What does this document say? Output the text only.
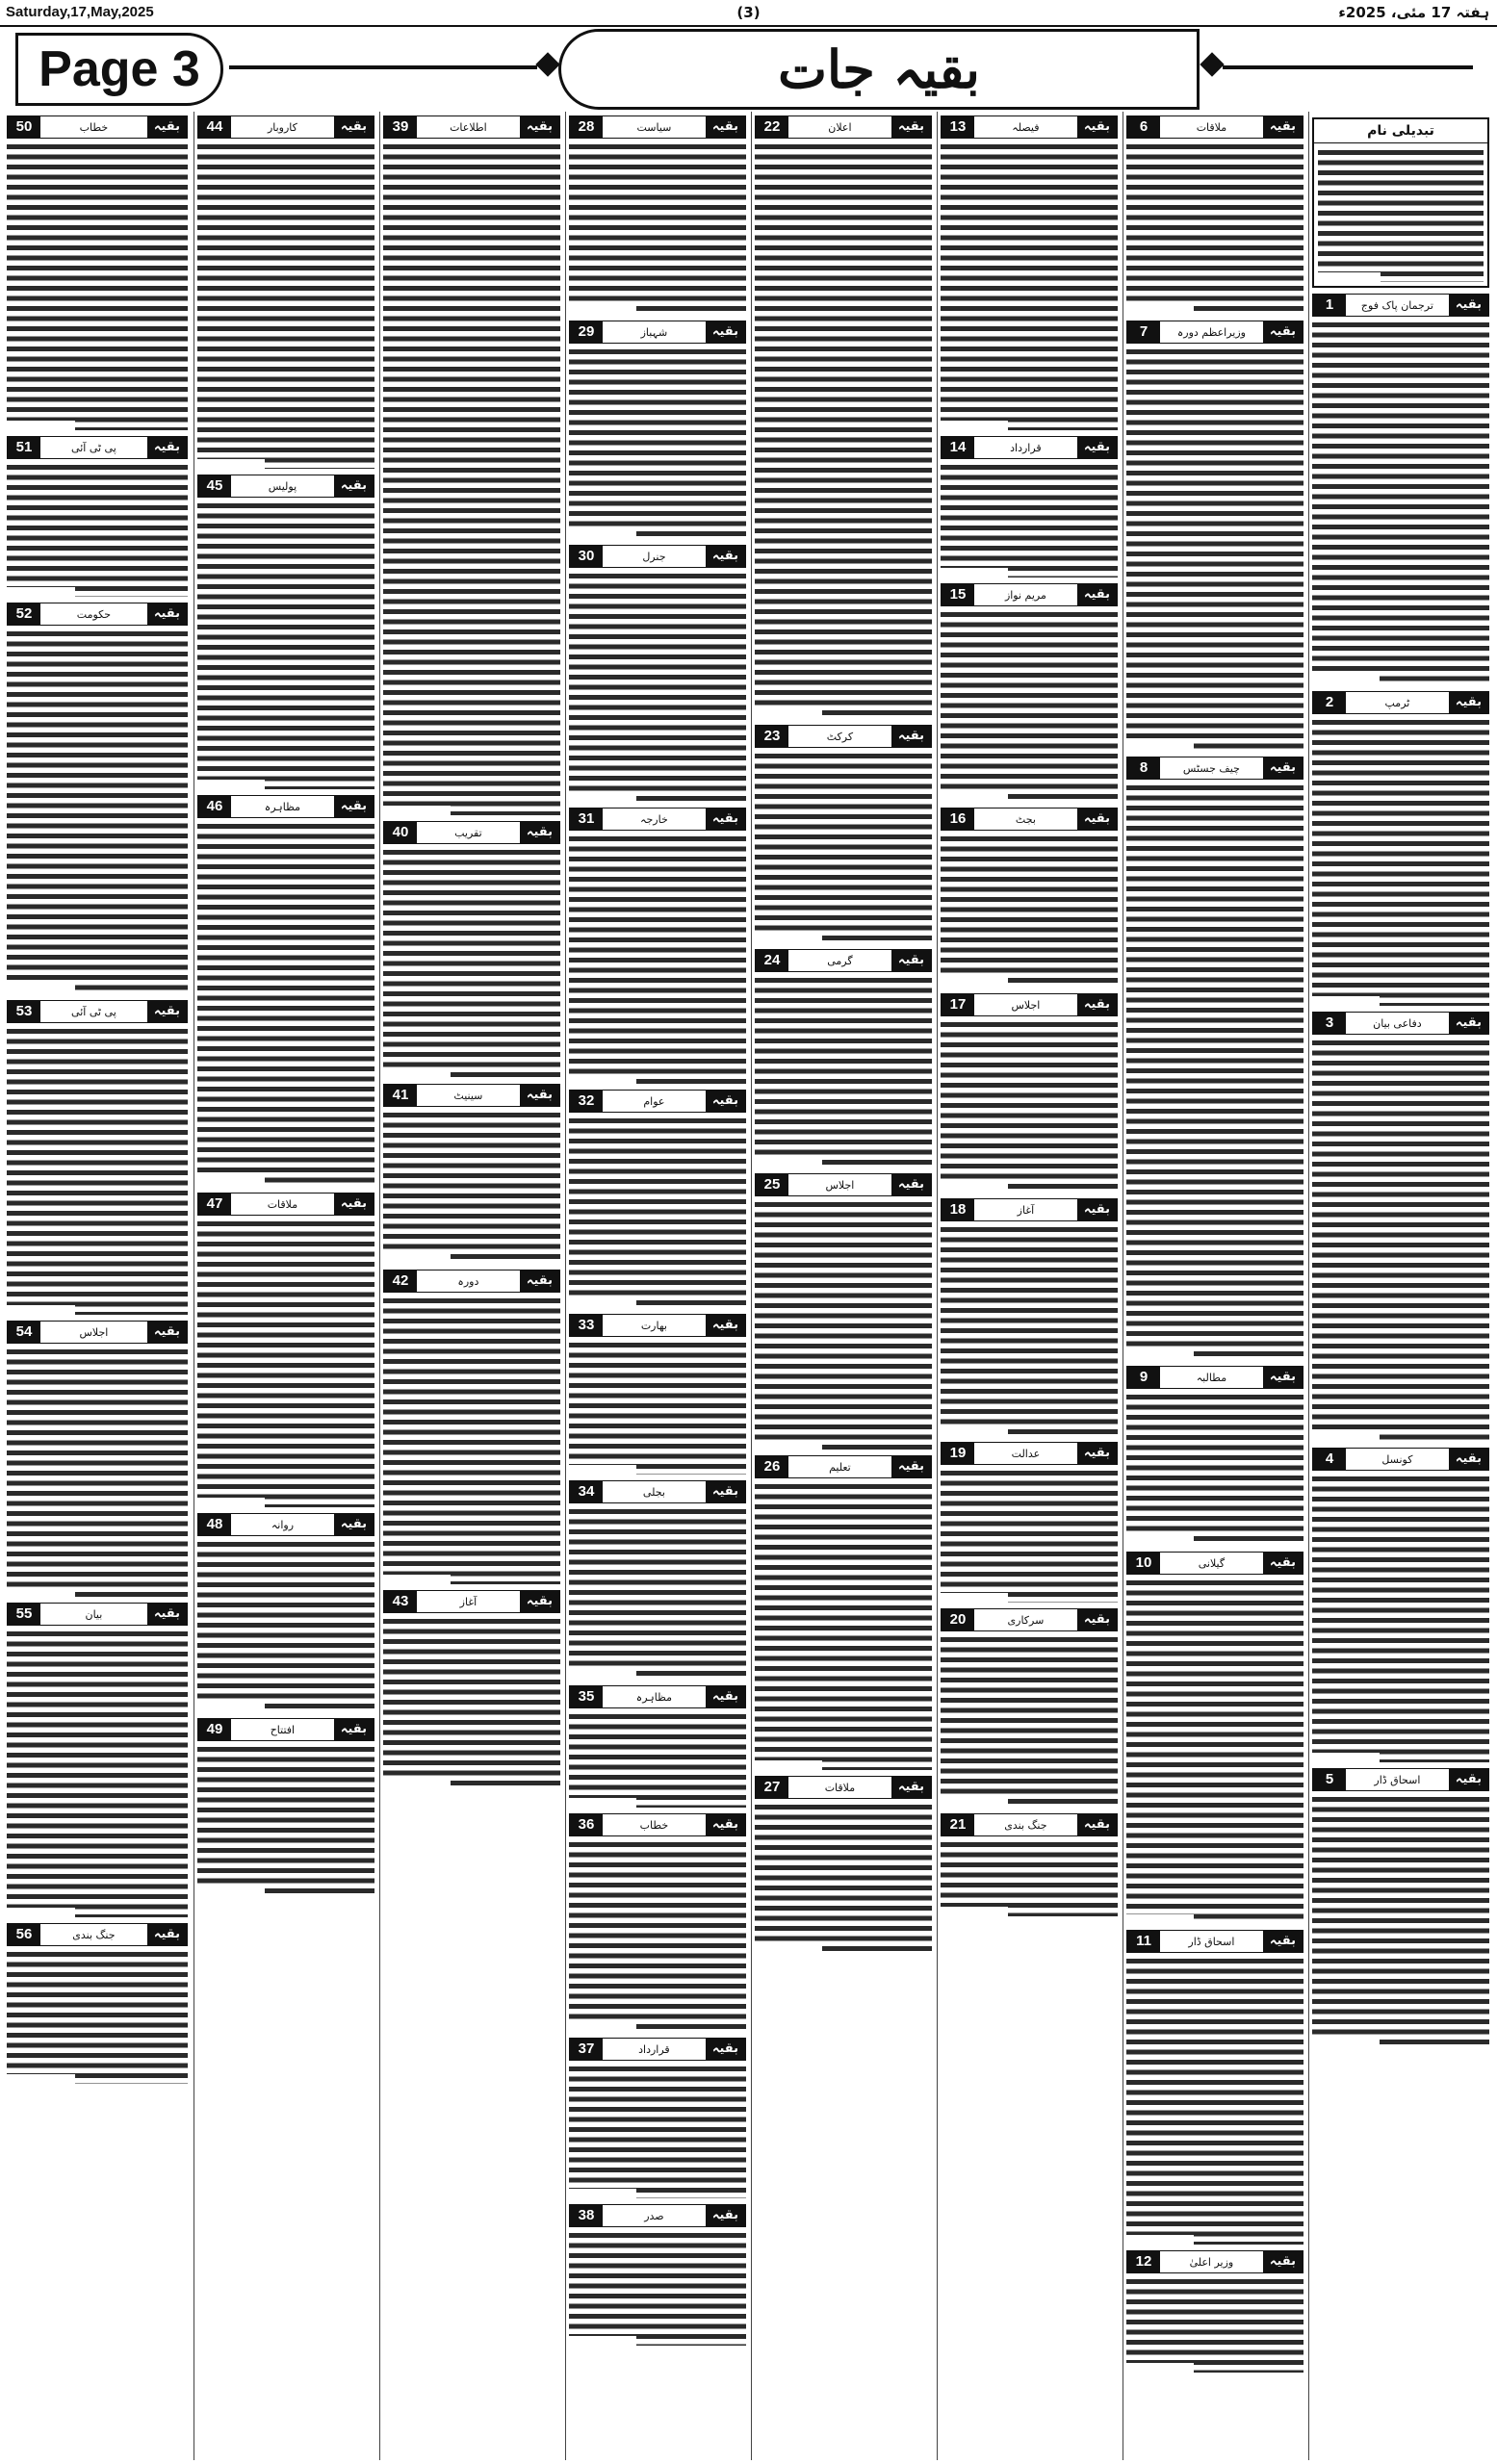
Saturday,17,May,2025	(3)	ہفتہ 17 مئی، 2025ء
Page 3	بقیہ جات
تبدیلی نام
بقیہ
ترجمان پاک فوج
1
بقیہ
ٹرمپ
2
بقیہ
دفاعی بیان
3
بقیہ
کونسل
4
بقیہ
اسحاق ڈار
5
بقیہ
ملاقات
6
بقیہ
وزیراعظم دورہ
7
بقیہ
چیف جسٹس
8
بقیہ
مطالبہ
9
بقیہ
گیلانی
10
بقیہ
اسحاق ڈار
11
بقیہ
وزیر اعلیٰ
12
بقیہ
فیصلہ
13
بقیہ
قرارداد
14
بقیہ
مریم نواز
15
بقیہ
بجٹ
16
بقیہ
اجلاس
17
بقیہ
آغاز
18
بقیہ
عدالت
19
بقیہ
سرکاری
20
بقیہ
جنگ بندی
21
بقیہ
اعلان
22
بقیہ
کرکٹ
23
بقیہ
گرمی
24
بقیہ
اجلاس
25
بقیہ
تعلیم
26
بقیہ
ملاقات
27
بقیہ
سیاست
28
بقیہ
شہباز
29
بقیہ
جنرل
30
بقیہ
خارجہ
31
بقیہ
عوام
32
بقیہ
بھارت
33
بقیہ
بجلی
34
بقیہ
مظاہرہ
35
بقیہ
خطاب
36
بقیہ
قرارداد
37
بقیہ
صدر
38
بقیہ
اطلاعات
39
بقیہ
تقریب
40
بقیہ
سینیٹ
41
بقیہ
دورہ
42
بقیہ
آغاز
43
بقیہ
کاروبار
44
بقیہ
پولیس
45
بقیہ
مظاہرہ
46
بقیہ
ملاقات
47
بقیہ
روانہ
48
بقیہ
افتتاح
49
بقیہ
خطاب
50
بقیہ
پی ٹی آئی
51
بقیہ
حکومت
52
بقیہ
پی ٹی آئی
53
بقیہ
اجلاس
54
بقیہ
بیان
55
بقیہ
جنگ بندی
56
